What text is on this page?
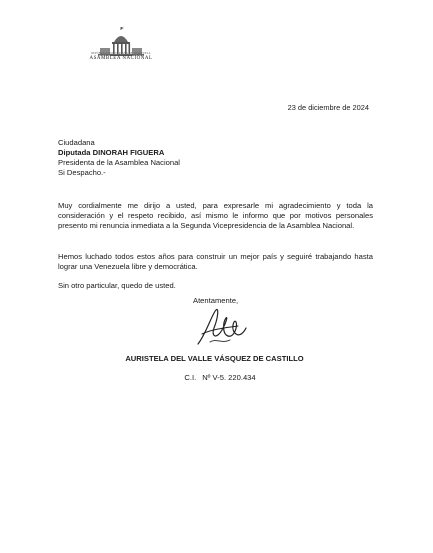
REPÚBLICA BOLIVARIANA DE VENEZUELA
ASAMBLEA NACIONAL
23 de diciembre de 2024
Ciudadana
Diputada DINORAH FIGUERA
Presidenta de la Asamblea Nacional
Si Despacho.-

Muy cordialmente me dirijo a usted, para expresarle mi agradecimiento y toda la consideración y el respeto recibido, así mismo le informo que por motivos personales presento mi renuncia inmediata a la Segunda Vicepresidencia de la Asamblea Nacional.

Hemos luchado todos estos años para construir un mejor país y seguiré trabajando hasta lograr una Venezuela libre y democrática.

Sin otro particular, quedo de usted.

Atentamente,
AURISTELA DEL VALLE VÁSQUEZ DE CASTILLO
C.I. Nº V-5. 220.434
